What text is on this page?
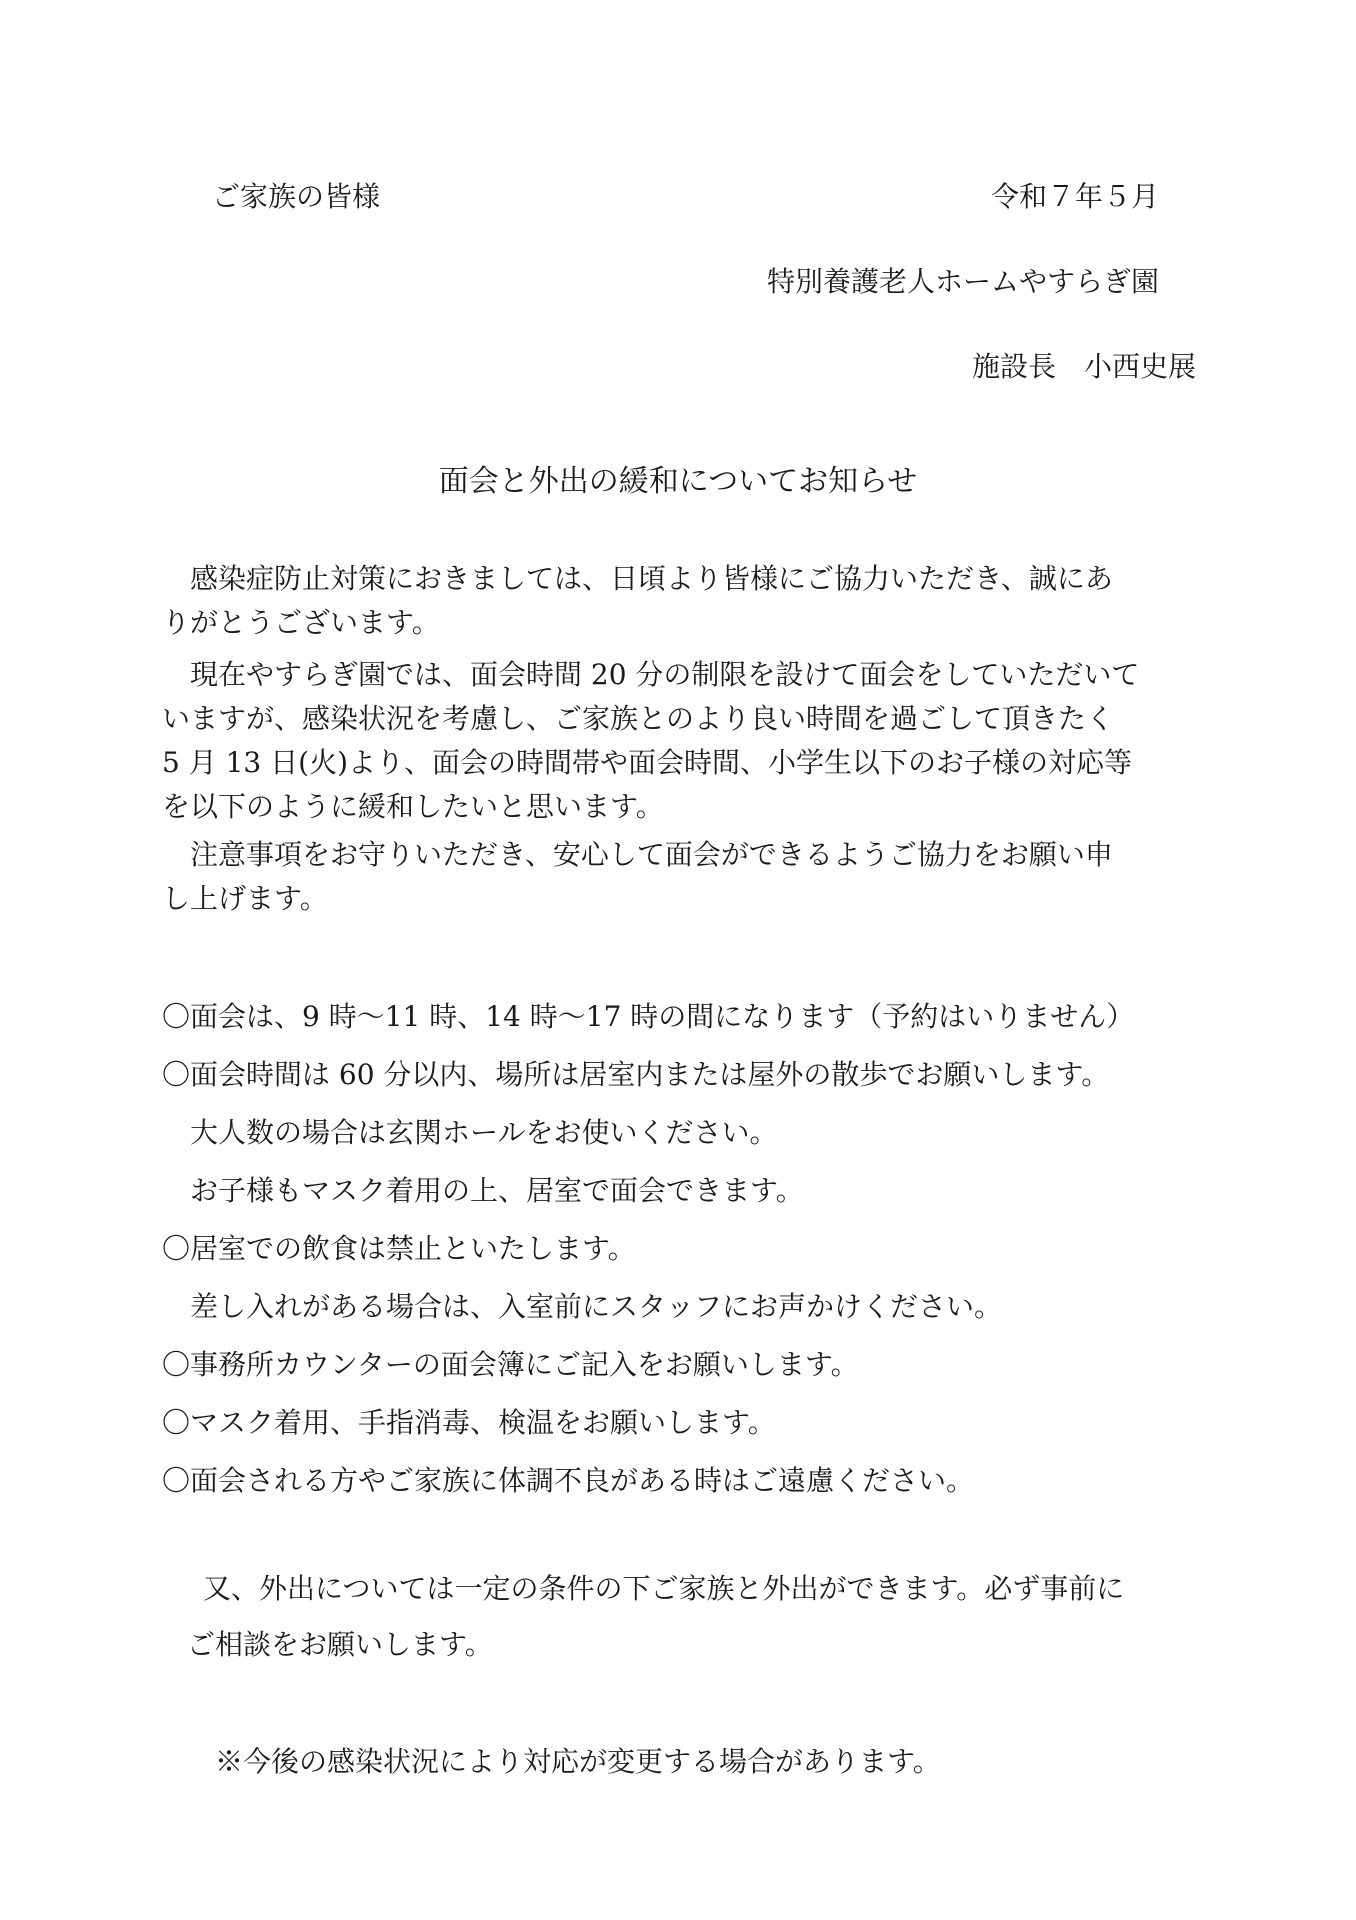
ご家族の皆様	令和７年５月
特別養護老人ホームやすらぎ園
施設長　小西史展
面会と外出の緩和についてお知らせ
　感染症防止対策におきましては、日頃より皆様にご協力いただき、誠にあ
りがとうございます。
　現在やすらぎ園では、面会時間 20 分の制限を設けて面会をしていただいて
いますが、感染状況を考慮し、ご家族とのより良い時間を過ごして頂きたく
5 月 13 日(火)より、面会の時間帯や面会時間、小学生以下のお子様の対応等
を以下のように緩和したいと思います。
　注意事項をお守りいただき、安心して面会ができるようご協力をお願い申
し上げます。
〇面会は、9 時～11 時、14 時～17 時の間になります（予約はいりません）
〇面会時間は 60 分以内、場所は居室内または屋外の散歩でお願いします。
　大人数の場合は玄関ホールをお使いください。
　お子様もマスク着用の上、居室で面会できます。
〇居室での飲食は禁止といたします。
　差し入れがある場合は、入室前にスタッフにお声かけください。
〇事務所カウンターの面会簿にご記入をお願いします。
〇マスク着用、手指消毒、検温をお願いします。
〇面会される方やご家族に体調不良がある時はご遠慮ください。
　又、外出については一定の条件の下ご家族と外出ができます。必ず事前に
ご相談をお願いします。
※今後の感染状況により対応が変更する場合があります。
